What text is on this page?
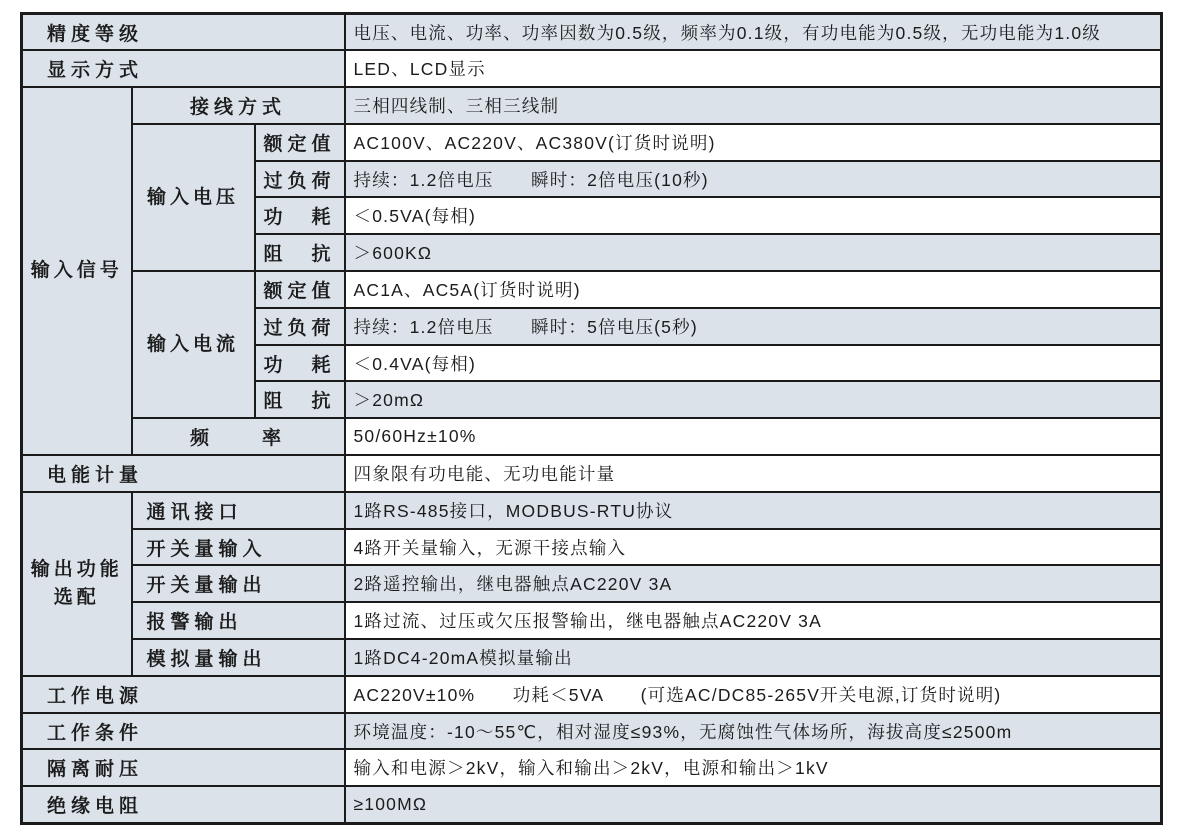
精度等级			电压、电流、功率、功率因数为0.5级，频率为0.1级，有功电能为0.5级，无功电能为1.0级
显示方式			LED、LCD显示
输入信号	接线方式		三相四线制、三相三线制
	输入电压	额定值	AC100V、AC220V、AC380V(订货时说明)
		过负荷	持续：1.2倍电压　　瞬时：2倍电压(10秒)
		功　耗	＜0.5VA(每相)
		阻　抗	＞600KΩ
	输入电流	额定值	AC1A、AC5A(订货时说明)
		过负荷	持续：1.2倍电压　　瞬时：5倍电压(5秒)
		功　耗	＜0.4VA(每相)
		阻　抗	＞20mΩ
	频　　率		50/60Hz±10%
电能计量			四象限有功电能、无功电能计量
输出功能
选配	通讯接口		1路RS-485接口，MODBUS-RTU协议
	开关量输入		4路开关量输入，无源干接点输入
	开关量输出		2路遥控输出，继电器触点AC220V 3A
	报警输出		1路过流、过压或欠压报警输出，继电器触点AC220V 3A
	模拟量输出		1路DC4-20mA模拟量输出
工作电源			AC220V±10%　　功耗＜5VA　　(可选AC/DC85-265V开关电源,订货时说明)
工作条件			环境温度：-10～55℃，相对湿度≤93%，无腐蚀性气体场所，海拔高度≤2500m
隔离耐压			输入和电源＞2kV，输入和输出＞2kV，电源和输出＞1kV
绝缘电阻			≥100MΩ
